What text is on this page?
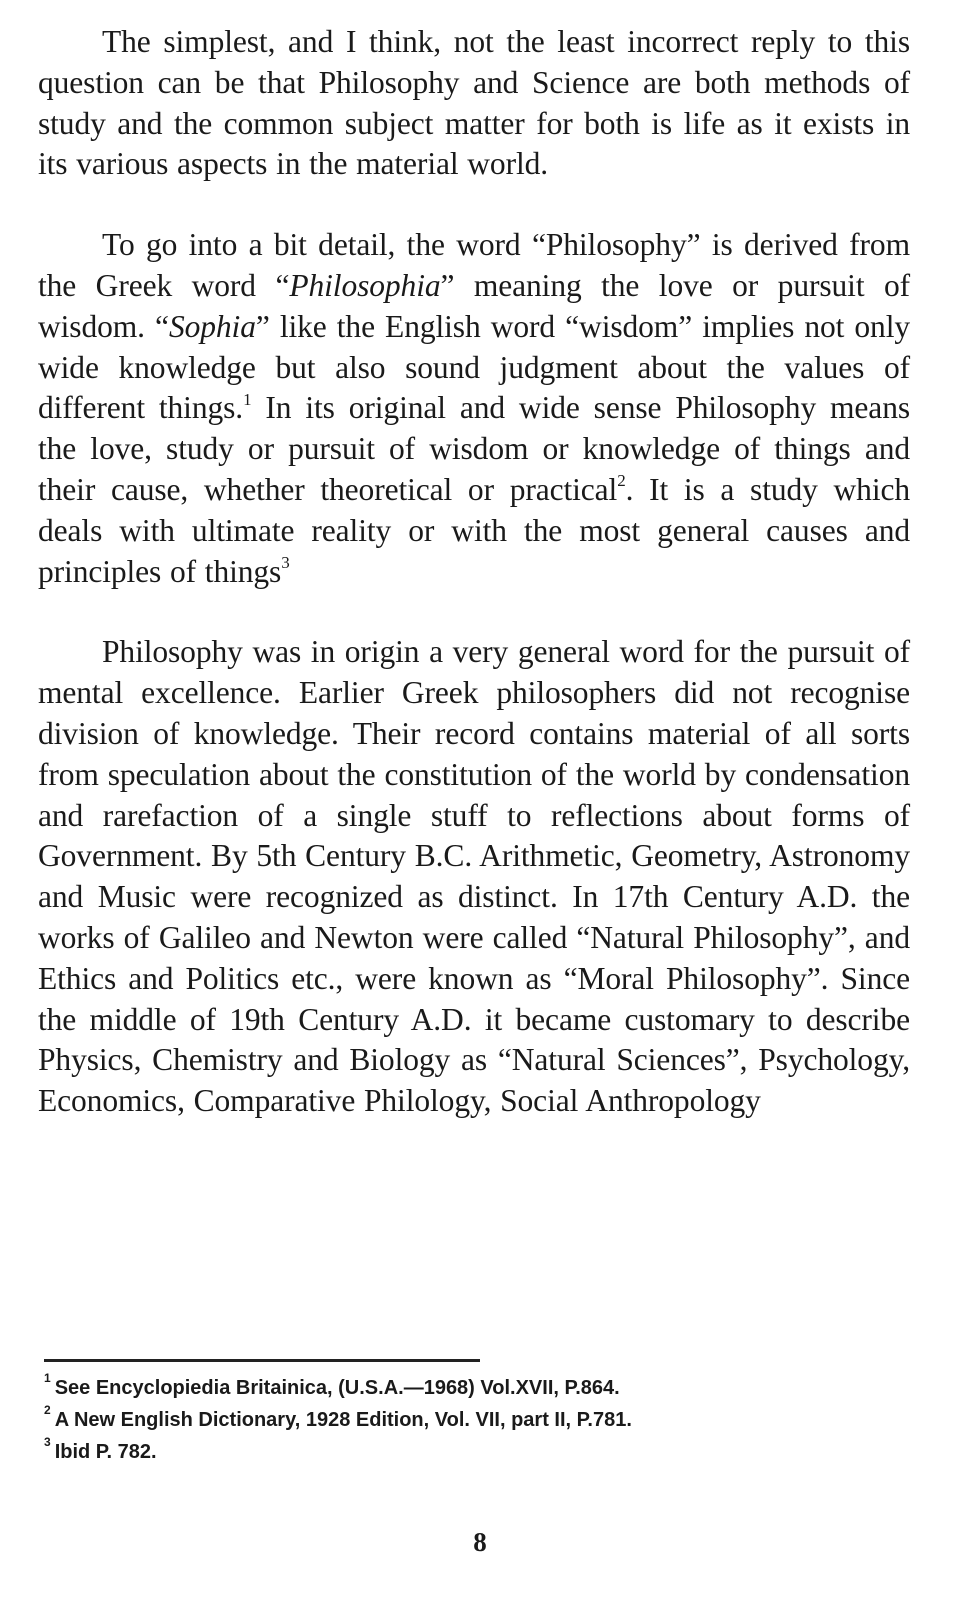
The simplest, and I think, not the least incorrect reply to this question can be that Philosophy and Science are both methods of study and the common subject matter for both is life as it exists in its various aspects in the material world.

To go into a bit detail, the word “Philosophy” is derived from the Greek word “Philosophia” meaning the love or pursuit of wisdom. “Sophia” like the English word “wisdom” implies not only wide knowledge but also sound judgment about the values of different things.$^1$ In its original and wide sense Philosophy means the love, study or pursuit of wisdom or knowledge of things and their cause, whether theoretical or practical$^2$. It is a study which deals with ultimate reality or with the most general causes and principles of things$^3$

Philosophy was in origin a very general word for the pursuit of mental excellence. Earlier Greek philosophers did not recognise division of knowledge. Their record contains material of all sorts from speculation about the constitution of the world by condensation and rarefaction of a single stuff to reflections about forms of Government. By 5th Century B.C. Arithmetic, Geometry, Astronomy and Music were recognized as distinct. In 17th Century A.D. the works of Galileo and Newton were called “Natural Philosophy”, and Ethics and Politics etc., were known as “Moral Philosophy”. Since the middle of 19th Century A.D. it became customary to describe Physics, Chemistry and Biology as “Natural Sciences”, Psychology, Economics, Comparative Philology, Social Anthropology

$^1$ See Encyclopiedia Britainica, (U.S.A.—1968) Vol.XVII, P.864.

$^2$ A New English Dictionary, 1928 Edition, Vol. VII, part II, P.781.

$^3$ Ibid P. 782.

8
